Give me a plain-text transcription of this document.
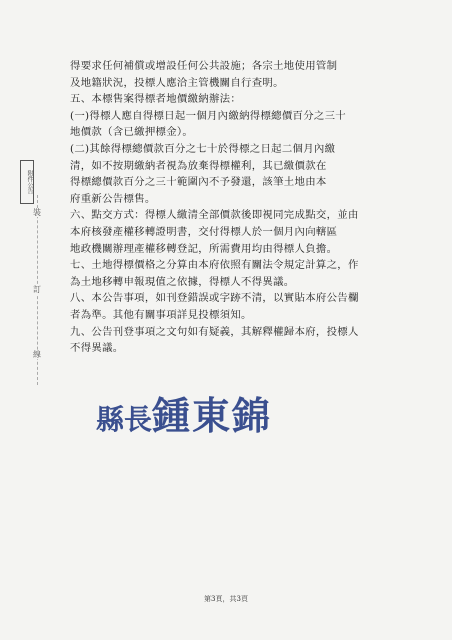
附件公告
裝
訂
線
得要求任何補償或增設任何公共設施；各宗土地使用管制
及地籍狀況，投標人應洽主管機關自行查明。
五、本標售案得標者地價繳納辦法：
(一)得標人應自得標日起一個月內繳納得標總價百分之三十
地價款（含已繳押標金）。
(二)其餘得標總價款百分之七十於得標之日起二個月內繳
清，如不按期繳納者視為放棄得標權利，其已繳價款在
得標總價款百分之三十範圍內不予發還，該筆土地由本
府重新公告標售。
六、點交方式：得標人繳清全部價款後即視同完成點交，並由
本府核發產權移轉證明書，交付得標人於一個月內向轄區
地政機關辦理產權移轉登記，所需費用均由得標人負擔。
七、土地得標價格之分算由本府依照有關法令規定計算之，作
為土地移轉申報現值之依據，得標人不得異議。
八、本公告事項，如刊登錯誤或字跡不清，以實貼本府公告欄
者為準。其他有關事項詳見投標須知。
九、公告刊登事項之文句如有疑義，其解釋權歸本府，投標人
不得異議。
縣長鍾東錦
第3頁，共3頁
